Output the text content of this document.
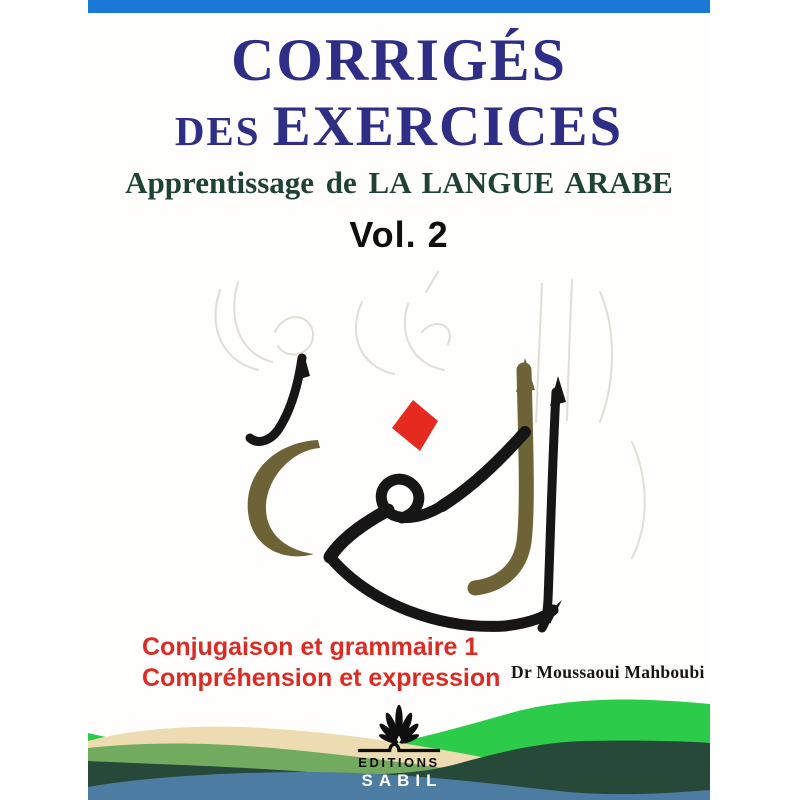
CORRIGÉS
DES EXERCICES
Apprentissage de LA LANGUE ARABE
Vol. 2
Conjugaison et grammaire 1
Compréhension et expression Dr Moussaoui Mahboubi
EDITIONS
SABIL
